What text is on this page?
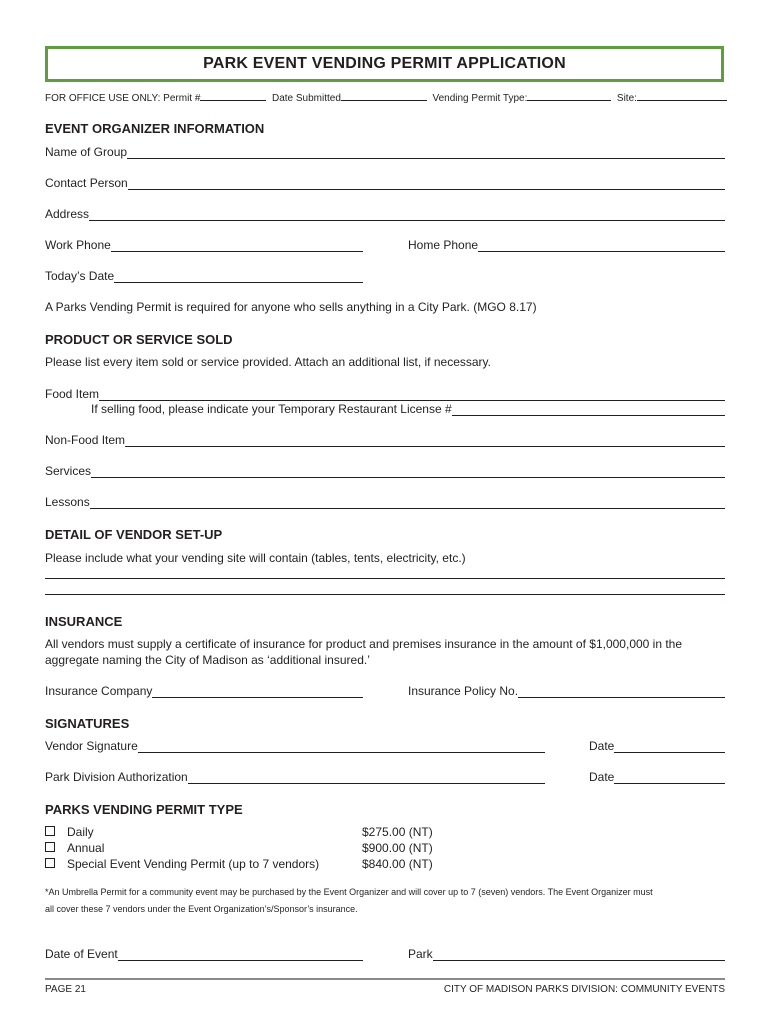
PARK EVENT VENDING PERMIT APPLICATION
FOR OFFICE USE ONLY: Permit #	Date Submitted	Vending Permit Type:	Site:
EVENT ORGANIZER INFORMATION
Name of Group
Contact Person
Address
Work Phone	Home Phone
Today’s Date
A Parks Vending Permit is required for anyone who sells anything in a City Park. (MGO 8.17)
PRODUCT OR SERVICE SOLD
Please list every item sold or service provided. Attach an additional list, if necessary.
Food Item
If selling food, please indicate your Temporary Restaurant License #
Non-Food Item
Services
Lessons
DETAIL OF VENDOR SET-UP
Please include what your vending site will contain (tables, tents, electricity, etc.)
INSURANCE
All vendors must supply a certificate of insurance for product and premises insurance in the amount of $1,000,000 in the
aggregate naming the City of Madison as ‘additional insured.’
Insurance Company	Insurance Policy No.
SIGNATURES
Vendor Signature	Date
Park Division Authorization	Date
PARKS VENDING PERMIT TYPE
Daily	$275.00 (NT)
Annual	$900.00 (NT)
Special Event Vending Permit (up to 7 vendors)	$840.00 (NT)
*An Umbrella Permit for a community event may be purchased by the Event Organizer and will cover up to 7 (seven) vendors. The Event Organizer must
all cover these 7 vendors under the Event Organization’s/Sponsor’s insurance.
Date of Event	Park
PAGE 21	CITY OF MADISON PARKS DIVISION: COMMUNITY EVENTS
